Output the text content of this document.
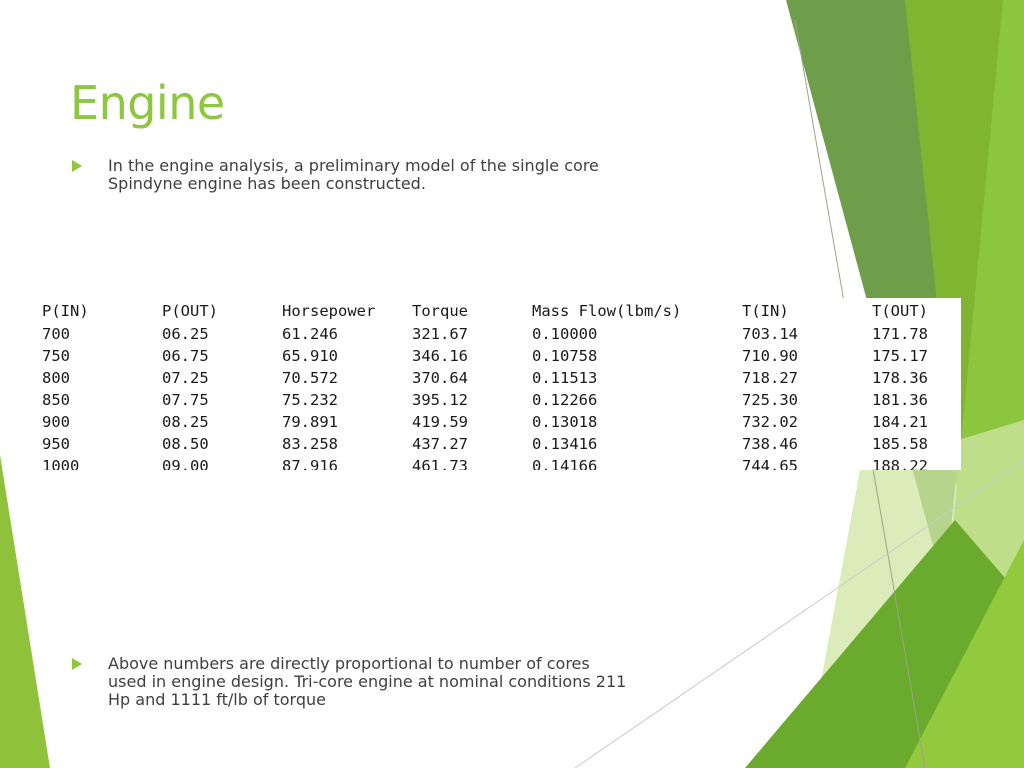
Engine
In the engine analysis, a preliminary model of the single core Spindyne engine has been constructed.
P(IN)	P(OUT)	Horsepower	Torque	Mass Flow(lbm/s)	T(IN)	T(OUT)
700	06.25	61.246	321.67	0.10000	703.14	171.78
750	06.75	65.910	346.16	0.10758	710.90	175.17
800	07.25	70.572	370.64	0.11513	718.27	178.36
850	07.75	75.232	395.12	0.12266	725.30	181.36
900	08.25	79.891	419.59	0.13018	732.02	184.21
950	08.50	83.258	437.27	0.13416	738.46	185.58
1000	09.00	87.916	461.73	0.14166	744.65	188.22
Above numbers are directly proportional to number of cores used in engine design. Tri-core engine at nominal conditions 211 Hp and 1111 ft/lb of torque
